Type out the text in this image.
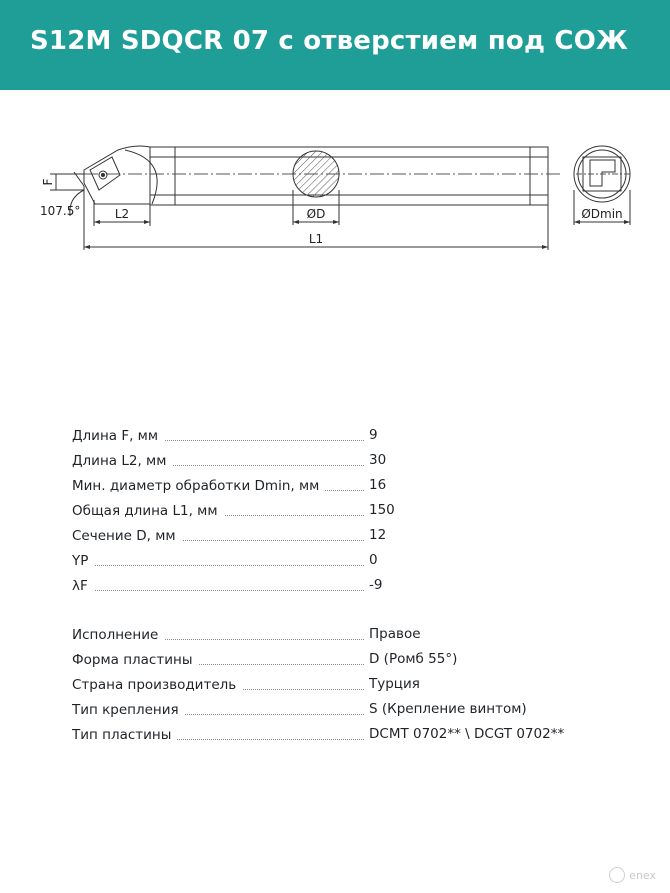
S12M SDQCR 07 с отверстием под СОЖ
F
107.5°	L2	ØD
L1
ØDmin
Длина F, мм	9
Длина L2, мм	30
Мин. диаметр обработки Dmin, мм	16
Общая длина L1, мм	150
Сечение D, мм	12
YP	0
λF	-9
Исполнение	Правое
Форма пластины	D (Ромб 55°)
Страна производитель	Турция
Тип крепления	S (Крепление винтом)
Тип пластины	DCMT 0702** \ DCGT 0702**
enex
